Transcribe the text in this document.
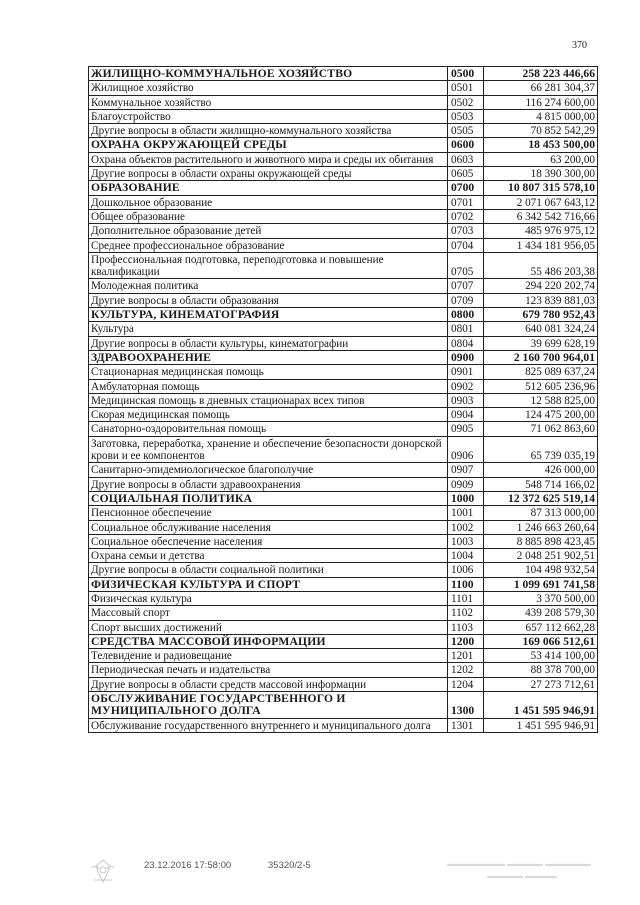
370
ЖИЛИЩНО-КОММУНАЛЬНОЕ ХОЗЯЙСТВО	0500	258 223 446,66
Жилищное хозяйство	0501	66 281 304,37
Коммунальное хозяйство	0502	116 274 600,00
Благоустройство	0503	4 815 000,00
Другие вопросы в области жилищно-коммунального хозяйства	0505	70 852 542,29
ОХРАНА ОКРУЖАЮЩЕЙ СРЕДЫ	0600	18 453 500,00
Охрана объектов растительного и животного мира и среды их обитания	0603	63 200,00
Другие вопросы в области охраны окружающей среды	0605	18 390 300,00
ОБРАЗОВАНИЕ	0700	10 807 315 578,10
Дошкольное образование	0701	2 071 067 643,12
Общее образование	0702	6 342 542 716,66
Дополнительное образование детей	0703	485 976 975,12
Среднее профессиональное образование	0704	1 434 181 956,05
Профессиональная подготовка, переподготовка и повышение квалификации	0705	55 486 203,38
Молодежная политика	0707	294 220 202,74
Другие вопросы в области образования	0709	123 839 881,03
КУЛЬТУРА, КИНЕМАТОГРАФИЯ	0800	679 780 952,43
Культура	0801	640 081 324,24
Другие вопросы в области культуры, кинематографии	0804	39 699 628,19
ЗДРАВООХРАНЕНИЕ	0900	2 160 700 964,01
Стационарная медицинская помощь	0901	825 089 637,24
Амбулаторная помощь	0902	512 605 236,96
Медицинская помощь в дневных стационарах всех типов	0903	12 588 825,00
Скорая медицинская помощь	0904	124 475 200,00
Санаторно-оздоровительная помощь	0905	71 062 863,60
Заготовка, переработка, хранение и обеспечение безопасности донорской крови и ее компонентов	0906	65 739 035,19
Санитарно-эпидемиологическое благополучие	0907	426 000,00
Другие вопросы в области здравоохранения	0909	548 714 166,02
СОЦИАЛЬНАЯ ПОЛИТИКА	1000	12 372 625 519,14
Пенсионное обеспечение	1001	87 313 000,00
Социальное обслуживание населения	1002	1 246 663 260,64
Социальное обеспечение населения	1003	8 885 898 423,45
Охрана семьи и детства	1004	2 048 251 902,51
Другие вопросы в области социальной политики	1006	104 498 932,54
ФИЗИЧЕСКАЯ КУЛЬТУРА И СПОРТ	1100	1 099 691 741,58
Физическая культура	1101	3 370 500,00
Массовый спорт	1102	439 208 579,30
Спорт высших достижений	1103	657 112 662,28
СРЕДСТВА МАССОВОЙ ИНФОРМАЦИИ	1200	169 066 512,61
Телевидение и радиовещание	1201	53 414 100,00
Периодическая печать и издательства	1202	88 378 700,00
Другие вопросы в области средств массовой информации	1204	27 273 712,61
ОБСЛУЖИВАНИЕ ГОСУДАРСТВЕННОГО И МУНИЦИПАЛЬНОГО ДОЛГА	1300	1 451 595 946,91
Обслуживание государственного внутреннего и муниципального долга	1301	1 451 595 946,91
23.12.2016 17:58:00	35320/2-5
